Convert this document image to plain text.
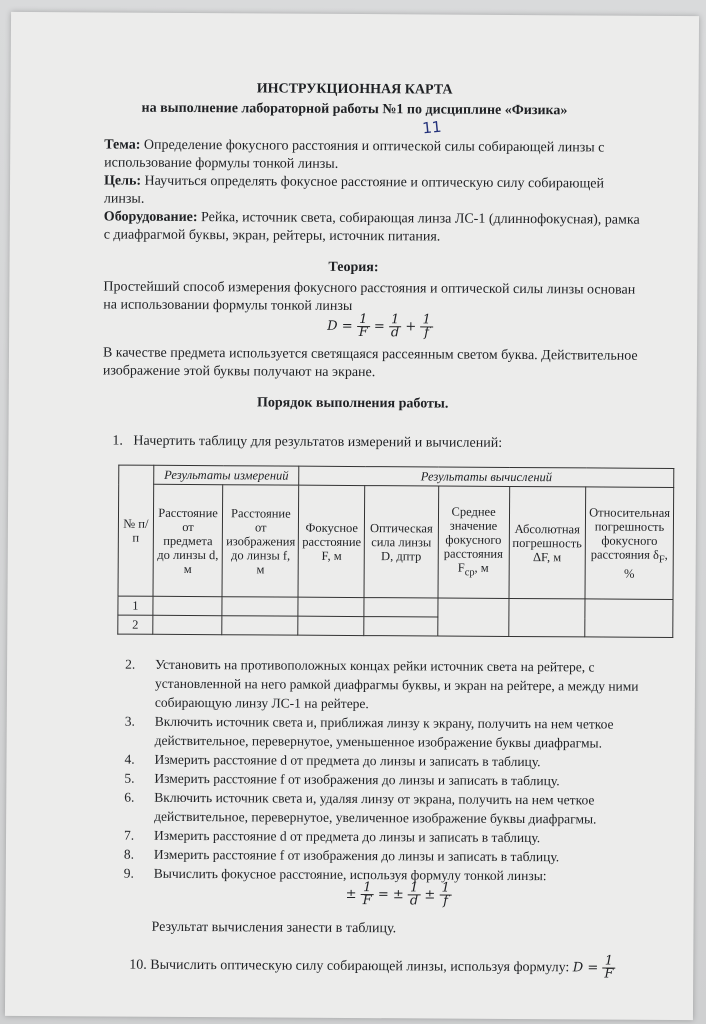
ИНСТРУКЦИОННАЯ КАРТА
на выполнение лабораторной работы №1 по дисциплине «Физика»
11
Тема: Определение фокусного расстояния и оптической силы собирающей линзы с использование формулы тонкой линзы.
Цель: Научиться определять фокусное расстояние и оптическую силу собирающей линзы.
Оборудование: Рейка, источник света, собирающая линза ЛС-1 (длиннофокусная), рамка с диафрагмой буквы, экран, рейтеры, источник питания.
Теория:
Простейший способ измерения фокусного расстояния и оптической силы линзы основан на использовании формулы тонкой линзы
$D = \frac{1}{F} = \frac{1}{d} + \frac{1}{f}$
В качестве предмета используется светящаяся рассеянным светом буква. Действительное изображение этой буквы получают на экране.
Порядок выполнения работы.
1. Начертить таблицу для результатов измерений и вычислений:
№ п/п	Результаты измерений		Результаты вычислений				
	Расстояние от предмета до линзы d, м	Расстояние от изображения до линзы f, м	Фокусное расстояние F, м	Оптическая сила линзы D, дптр	Среднее значение фокусного расстояния $F_{ср}$, м	Абсолютная погрешность ΔF, м	Относительная погрешность фокусного расстояния $\delta_F$, %
1							
2							
2. Установить на противоположных концах рейки источник света на рейтере, с установленной на него рамкой диафрагмы буквы, и экран на рейтере, а между ними собирающую линзу ЛС-1 на рейтере.
3. Включить источник света и, приближая линзу к экрану, получить на нем четкое действительное, перевернутое, уменьшенное изображение буквы диафрагмы.
4. Измерить расстояние d от предмета до линзы и записать в таблицу.
5. Измерить расстояние f от изображения до линзы и записать в таблицу.
6. Включить источник света и, удаляя линзу от экрана, получить на нем четкое действительное, перевернутое, увеличенное изображение буквы диафрагмы.
7. Измерить расстояние d от предмета до линзы и записать в таблицу.
8. Измерить расстояние f от изображения до линзы и записать в таблицу.
9. Вычислить фокусное расстояние, используя формулу тонкой линзы:
± $\frac{1}{F}$ = ± $\frac{1}{d} \pm \frac{1}{f}$
Результат вычисления занести в таблицу.
10. Вычислить оптическую силу собирающей линзы, используя формулу: $D = \frac{1}{F}$
